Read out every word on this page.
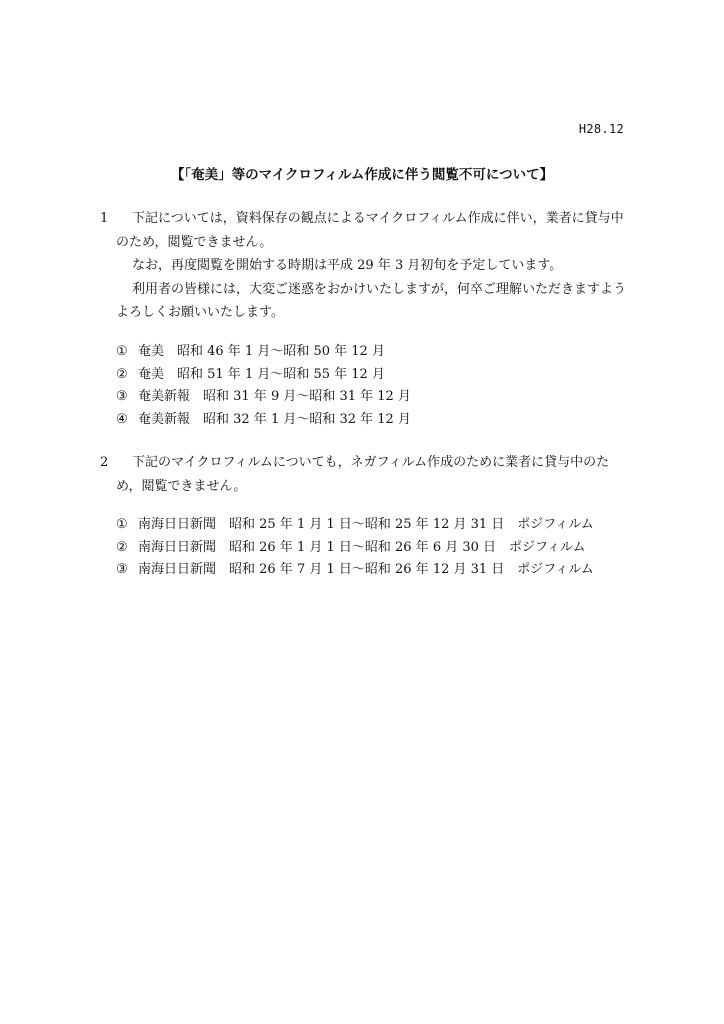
H28.12
【「奄美」等のマイクロフィルム作成に伴う閲覧不可について】

1 下記については，資料保存の観点によるマイクロフィルム作成に伴い，業者に貸与中のため，閲覧できません。

なお，再度閲覧を開始する時期は平成 29 年 3 月初旬を予定しています。

利用者の皆様には，大変ご迷惑をおかけいたしますが，何卒ご理解いただきますようよろしくお願いいたします。

① 奄美　昭和 46 年 1 月～昭和 50 年 12 月
② 奄美　昭和 51 年 1 月～昭和 55 年 12 月
③ 奄美新報　昭和 31 年 9 月～昭和 31 年 12 月
④ 奄美新報　昭和 32 年 1 月～昭和 32 年 12 月

2 下記のマイクロフィルムについても，ネガフィルム作成のために業者に貸与中のため，閲覧できません。

① 南海日日新聞　昭和 25 年 1 月 1 日～昭和 25 年 12 月 31 日　ポジフィルム
② 南海日日新聞　昭和 26 年 1 月 1 日～昭和 26 年 6 月 30 日　ポジフィルム
③ 南海日日新聞　昭和 26 年 7 月 1 日～昭和 26 年 12 月 31 日　ポジフィルム
